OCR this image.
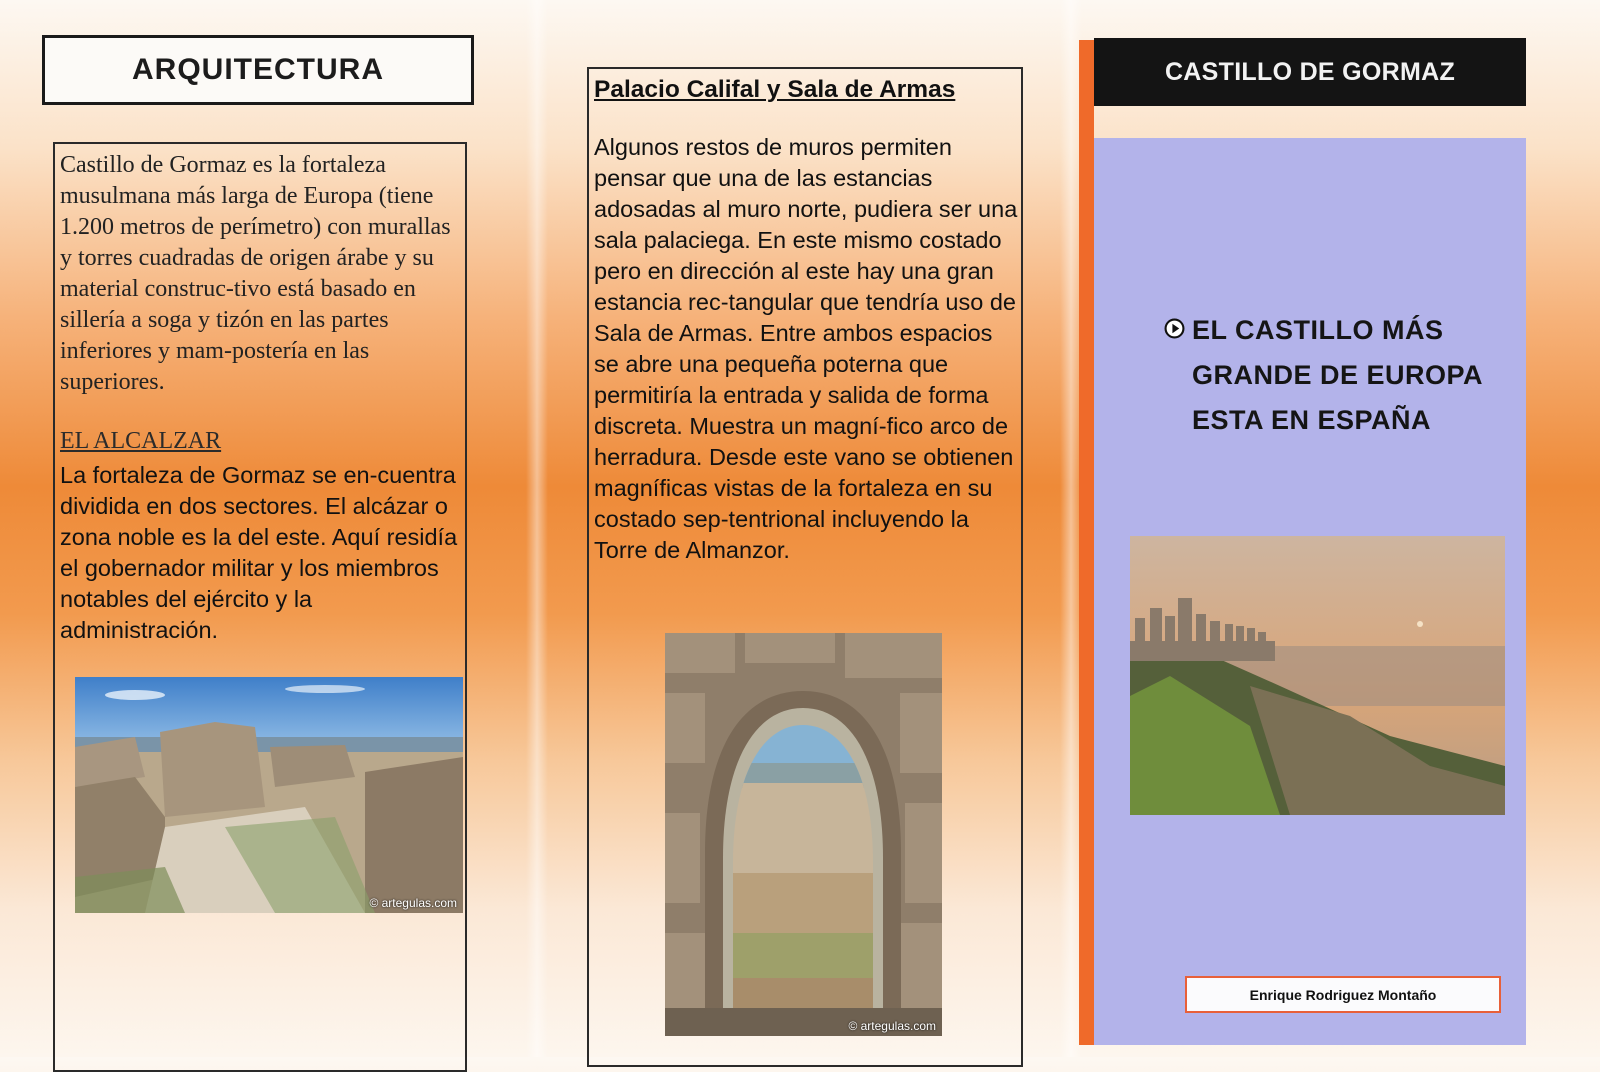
ARQUITECTURA
Castillo de Gormaz es la fortaleza musulmana más larga de Europa (tiene 1.200 metros de perímetro) con murallas y torres cuadradas de origen árabe y su material construc-tivo está basado en sillería a soga y tizón en las partes inferiores y mam-postería en las superiores.
EL ALCALZAR
La fortaleza de Gormaz se en-cuentra dividida en dos sectores. El alcázar o zona noble es la del este. Aquí residía el gobernador militar y los miembros notables del ejército y la administración.
© artegulas.com
Palacio Califal y Sala de Armas
Algunos restos de muros permiten pensar que una de las estancias adosadas al muro norte, pudiera ser una sala palaciega. En este mismo costado pero en dirección al este hay una gran estancia rec-tangular que tendría uso de Sala de Armas. Entre ambos espacios se abre una pequeña poterna que permitiría la entrada y salida de forma discreta. Muestra un magní-fico arco de herradura. Desde este vano se obtienen magníficas vistas de la fortaleza en su costado sep-tentrional incluyendo la Torre de Almanzor.
© artegulas.com
CASTILLO DE GORMAZ
EL CASTILLO MÁS GRANDE DE EUROPA ESTA EN ESPAÑA
Enrique Rodriguez Montaño
